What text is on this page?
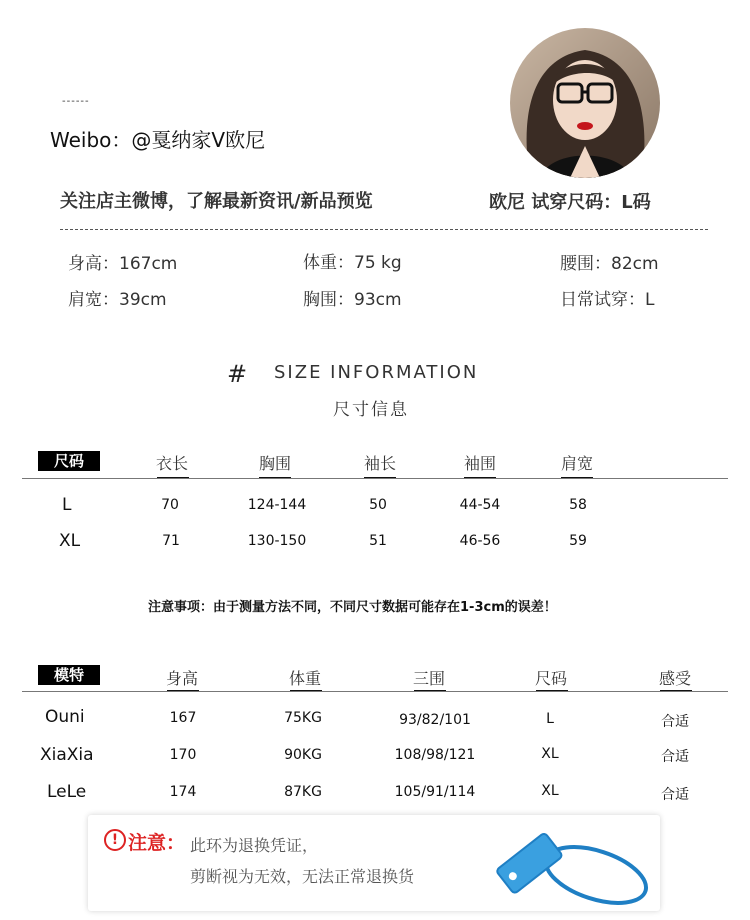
------
Weibo：@戛纳家V欧尼
关注店主微博，了解最新资讯/新品预览	欧尼 试穿尺码：L码
身高：167cm	体重：75 kg	腰围：82cm
肩宽：39cm	胸围：93cm	日常试穿：L
# SIZE INFORMATION
尺寸信息
尺码	衣长	胸围	袖长	袖围	肩宽
L	70	124-144	50	44-54	58
XL	71	130-150	51	46-56	59
注意事项：由于测量方法不同，不同尺寸数据可能存在1-3cm的误差！
模特	身高	体重	三围	尺码	感受
Ouni	167	75KG	93/82/101	L	合适
XiaXia	170	90KG	108/98/121	XL	合适
LeLe	174	87KG	105/91/114	XL	合适
! 注意： 此环为退换凭证，
剪断视为无效，无法正常退换货
